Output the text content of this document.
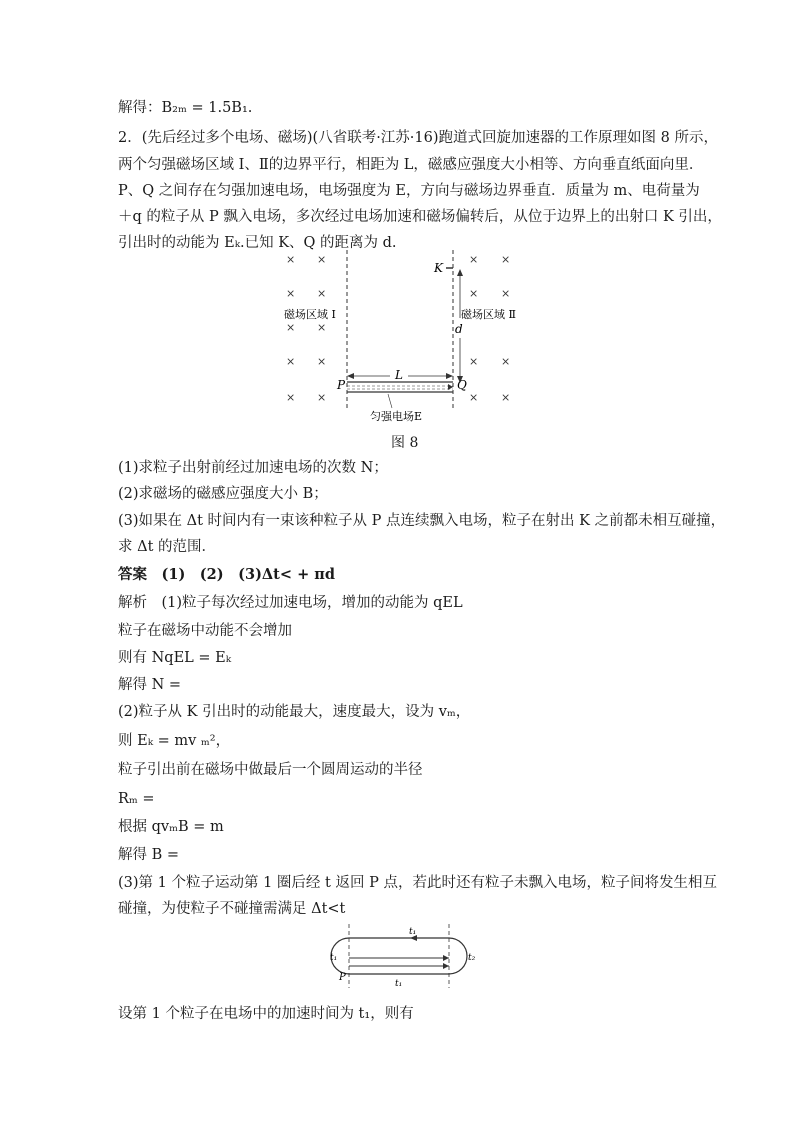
解得：B₂ₘ = 1.5B₁.
2．(先后经过多个电场、磁场)(八省联考·江苏·16)跑道式回旋加速器的工作原理如图 8 所示，
两个匀强磁场区域 Ⅰ、Ⅱ的边界平行，相距为 L，磁感应强度大小相等、方向垂直纸面向里．
P、Q 之间存在匀强加速电场，电场强度为 E，方向与磁场边界垂直．质量为 m、电荷量为
＋q 的粒子从 P 飘入电场，多次经过电场加速和磁场偏转后，从位于边界上的出射口 K 引出，
引出时的动能为 Eₖ.已知 K、Q 的距离为 d.
× ×
× ×
× ×
× ×
× ×
× ×
× ×
× ×
× ×
磁场区域 Ⅰ	磁场区域 Ⅱ
K
d
L
P	Q
匀强电场E
图 8
(1)求粒子出射前经过加速电场的次数 N；
(2)求磁场的磁感应强度大小 B；
(3)如果在 Δt 时间内有一束该种粒子从 P 点连续飘入电场，粒子在射出 K 之前都未相互碰撞，
求 Δt 的范围．
答案　(1)　(2)　(3)Δt< + πd
解析　(1)粒子每次经过加速电场，增加的动能为 qEL
粒子在磁场中动能不会增加
则有 NqEL = Eₖ
解得 N =
(2)粒子从 K 引出时的动能最大，速度最大，设为 vₘ，
则 Eₖ = mv ₘ²，
粒子引出前在磁场中做最后一个圆周运动的半径
Rₘ =
根据 qvₘB = m
解得 B =
(3)第 1 个粒子运动第 1 圈后经 t 返回 P 点，若此时还有粒子未飘入电场，粒子间将发生相互
碰撞，为使粒子不碰撞需满足 Δt<t
t₁
t₁
t₁	t₂
P
设第 1 个粒子在电场中的加速时间为 t₁，则有
